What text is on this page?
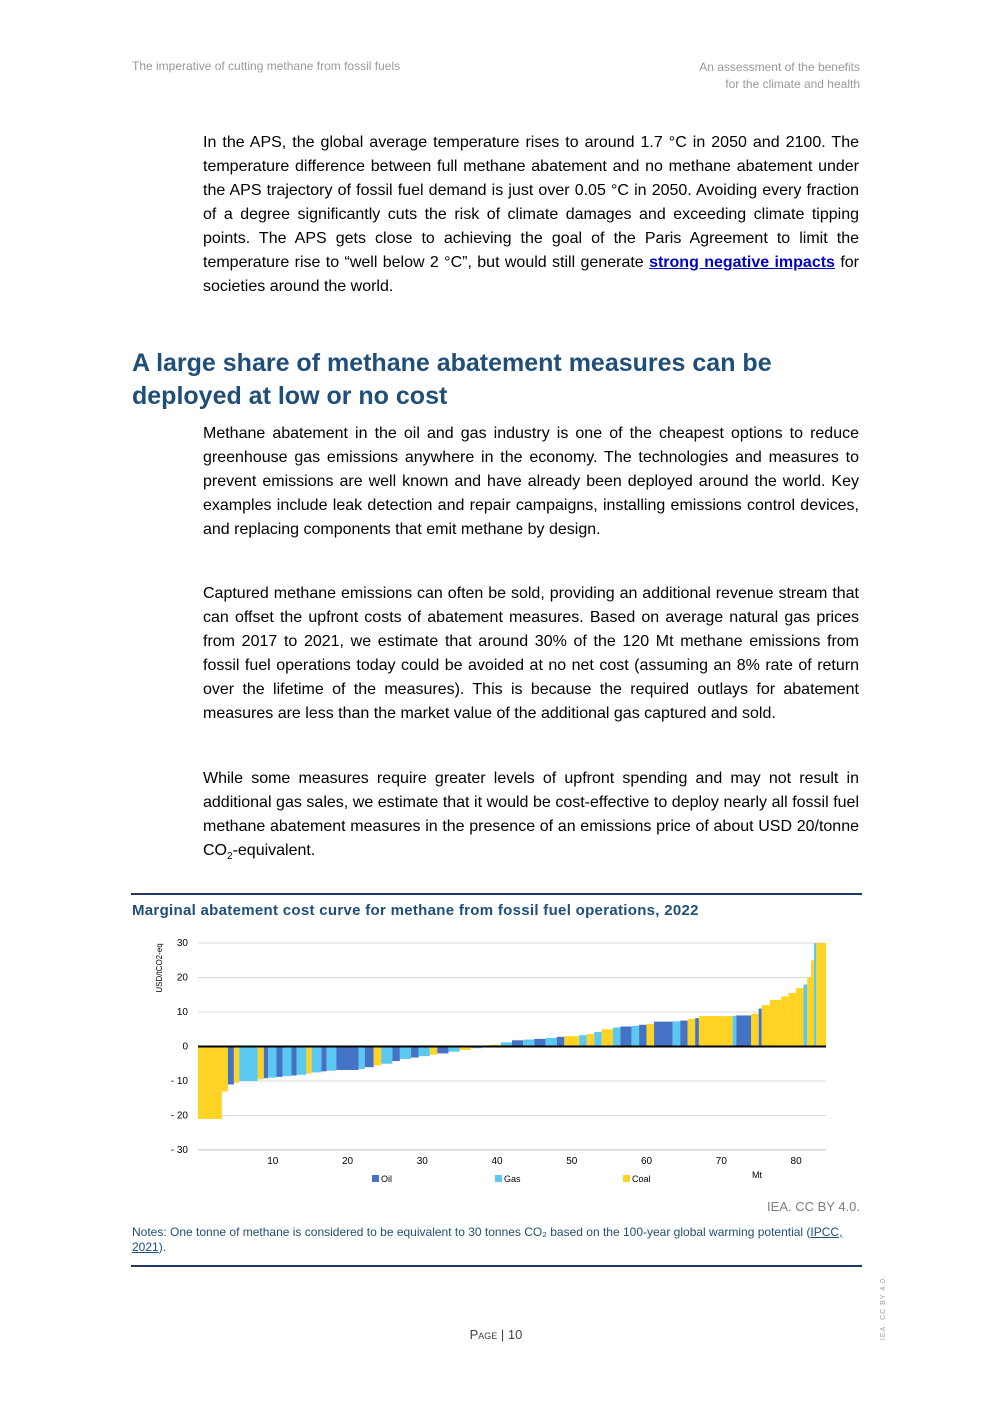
The imperative of cutting methane from fossil fuels	An assessment of the benefits
for the climate and health

In the APS, the global average temperature rises to around 1.7 °C in 2050 and 2100. The temperature difference between full methane abatement and no methane abatement under the APS trajectory of fossil fuel demand is just over 0.05 °C in 2050. Avoiding every fraction of a degree significantly cuts the risk of climate damages and exceeding climate tipping points. The APS gets close to achieving the goal of the Paris Agreement to limit the temperature rise to “well below 2 °C”, but would still generate strong negative impacts for societies around the world.

A large share of methane abatement measures can be deployed at low or no cost

Methane abatement in the oil and gas industry is one of the cheapest options to reduce greenhouse gas emissions anywhere in the economy. The technologies and measures to prevent emissions are well known and have already been deployed around the world. Key examples include leak detection and repair campaigns, installing emissions control devices, and replacing components that emit methane by design.

Captured methane emissions can often be sold, providing an additional revenue stream that can offset the upfront costs of abatement measures. Based on average natural gas prices from 2017 to 2021, we estimate that around 30% of the 120 Mt methane emissions from fossil fuel operations today could be avoided at no net cost (assuming an 8% rate of return over the lifetime of the measures). This is because the required outlays for abatement measures are less than the market value of the additional gas captured and sold.

While some measures require greater levels of upfront spending and may not result in additional gas sales, we estimate that it would be cost-effective to deploy nearly all fossil fuel methane abatement measures in the presence of an emissions price of about USD 20/tonne $CO_2$-equivalent.

Marginal abatement cost curve for methane from fossil fuel operations, 2022
30
20
10
0
- 10
- 20
- 30
10	20	30	40	50	60	70	80
USD/tCO2-eq
Mt
Oil	Gas	Coal
IEA. CC BY 4.0.
Notes: One tonne of methane is considered to be equivalent to 30 tonnes CO₂ based on the 100-year global warming potential (IPCC, 2021).
Page | 10	IEA. CC BY 4.0.
